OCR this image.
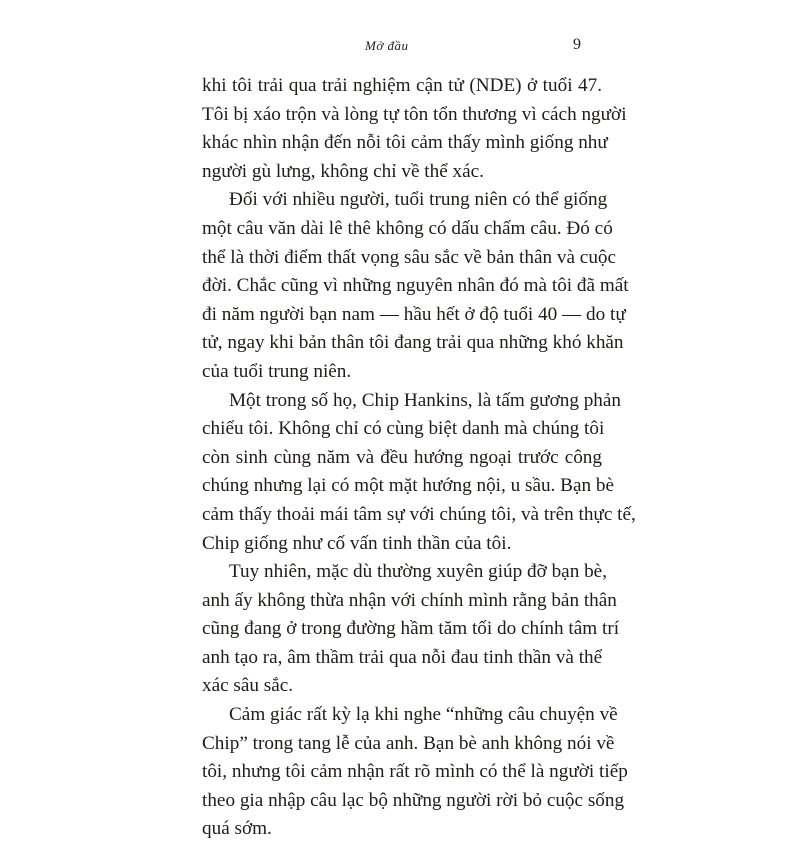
Mở đầu	9
khi tôi trải qua trải nghiệm cận tử (NDE) ở tuổi 47.
Tôi bị xáo trộn và lòng tự tôn tổn thương vì cách người
khác nhìn nhận đến nỗi tôi cảm thấy mình giống như
người gù lưng, không chỉ về thể xác.
Đối với nhiều người, tuổi trung niên có thể giống
một câu văn dài lê thê không có dấu chấm câu. Đó có
thể là thời điểm thất vọng sâu sắc về bản thân và cuộc
đời. Chắc cũng vì những nguyên nhân đó mà tôi đã mất
đi năm người bạn nam — hầu hết ở độ tuổi 40 — do tự
tử, ngay khi bản thân tôi đang trải qua những khó khăn
của tuổi trung niên.
Một trong số họ, Chip Hankins, là tấm gương phản
chiếu tôi. Không chỉ có cùng biệt danh mà chúng tôi
còn sinh cùng năm và đều hướng ngoại trước công
chúng nhưng lại có một mặt hướng nội, u sầu. Bạn bè
cảm thấy thoải mái tâm sự với chúng tôi, và trên thực tế,
Chip giống như cố vấn tinh thần của tôi.
Tuy nhiên, mặc dù thường xuyên giúp đỡ bạn bè,
anh ấy không thừa nhận với chính mình rằng bản thân
cũng đang ở trong đường hầm tăm tối do chính tâm trí
anh tạo ra, âm thầm trải qua nỗi đau tinh thần và thể
xác sâu sắc.
Cảm giác rất kỳ lạ khi nghe “những câu chuyện về
Chip” trong tang lễ của anh. Bạn bè anh không nói về
tôi, nhưng tôi cảm nhận rất rõ mình có thể là người tiếp
theo gia nhập câu lạc bộ những người rời bỏ cuộc sống
quá sớm.
